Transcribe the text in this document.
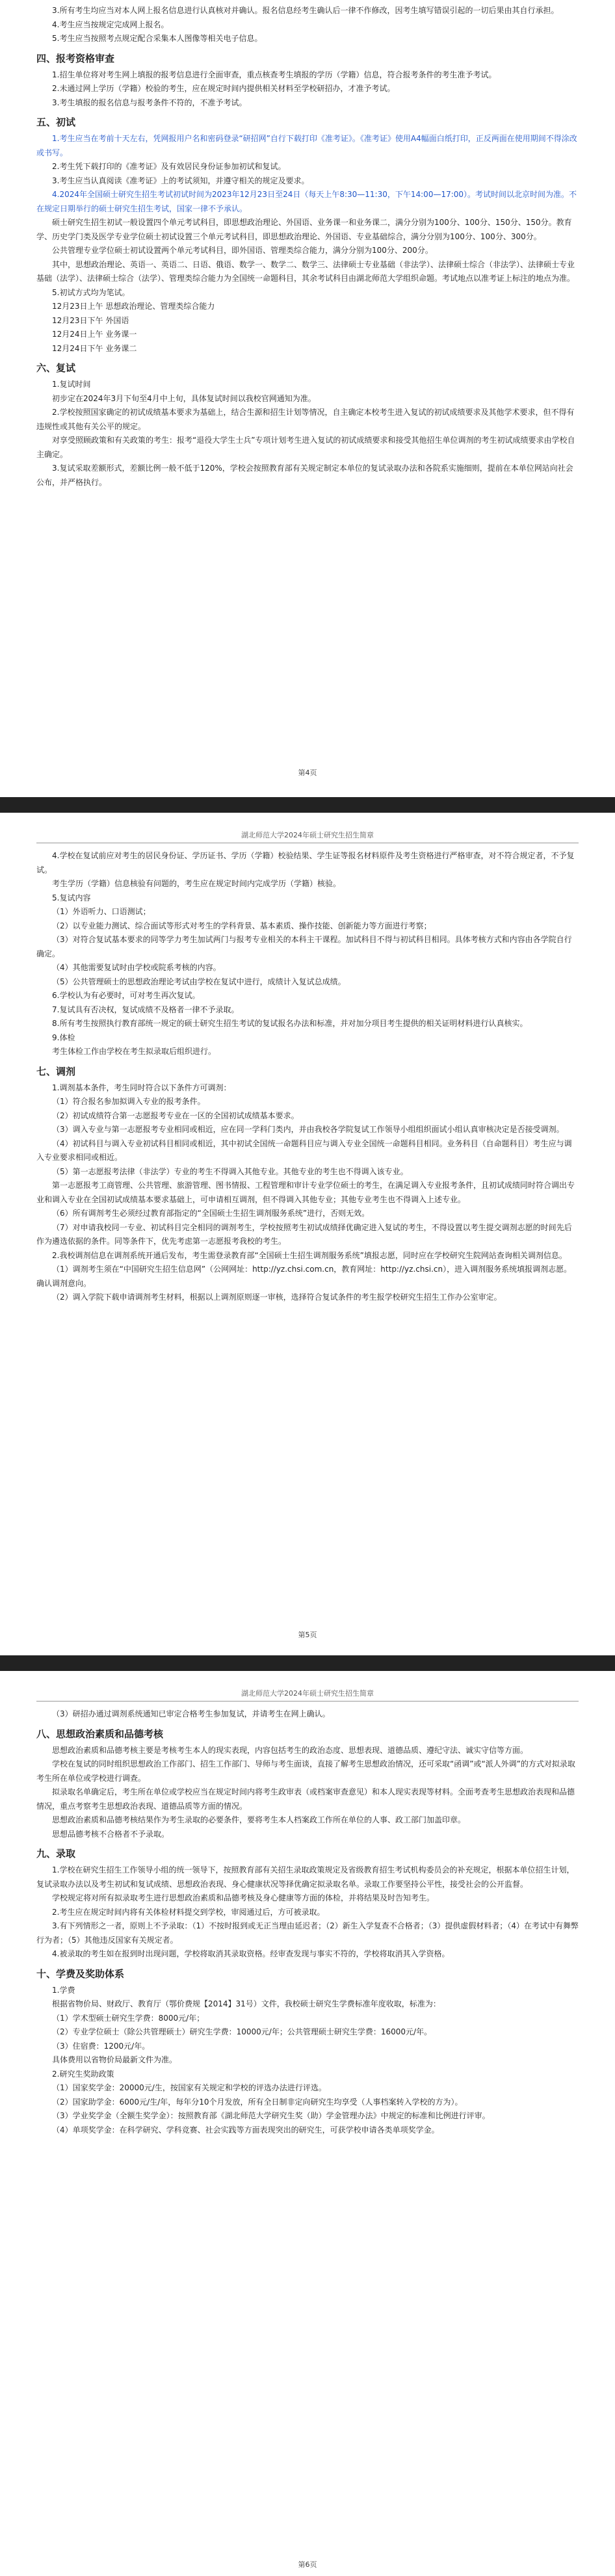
3.所有考生均应当对本人网上报名信息进行认真核对并确认。报名信息经考生确认后一律不作修改，因考生填写错误引起的一切后果由其自行承担。

4.考生应当按规定完成网上报名。

5.考生应当按照考点规定配合采集本人图像等相关电子信息。

四、报考资格审查

1.招生单位将对考生网上填报的报考信息进行全面审查，重点核查考生填报的学历（学籍）信息，符合报考条件的考生准予考试。

2.未通过网上学历（学籍）校验的考生，应在规定时间内提供相关材料至学校研招办，才准予考试。

3.考生填报的报名信息与报考条件不符的，不准予考试。

五、初试

1.考生应当在考前十天左右，凭网报用户名和密码登录“研招网”自行下载打印《准考证》。《准考证》使用A4幅面白纸打印，正反两面在使用期间不得涂改或书写。

2.考生凭下载打印的《准考证》及有效居民身份证参加初试和复试。

3.考生应当认真阅读《准考证》上的考试须知，并遵守相关的规定及要求。

4.2024年全国硕士研究生招生考试初试时间为2023年12月23日至24日（每天上午8:30—11:30，下午14:00—17:00）。考试时间以北京时间为准。不在规定日期举行的硕士研究生招生考试，国家一律不予承认。

硕士研究生招生初试一般设置四个单元考试科目，即思想政治理论、外国语、业务课一和业务课二，满分分别为100分、100分、150分、150分。教育学、历史学门类及医学专业学位硕士初试设置三个单元考试科目，即思想政治理论、外国语、专业基础综合，满分分别为100分、100分、300分。

公共管理专业学位硕士初试设置两个单元考试科目，即外国语、管理类综合能力，满分分别为100分、200分。

其中，思想政治理论、英语一、英语二、日语、俄语、数学一、数学二、数学三、法律硕士专业基础（非法学）、法律硕士综合（非法学）、法律硕士专业基础（法学）、法律硕士综合（法学）、管理类综合能力为全国统一命题科目，其余考试科目由湖北师范大学组织命题。考试地点以准考证上标注的地点为准。

5.初试方式均为笔试。

12月23日上午 思想政治理论、管理类综合能力

12月23日下午 外国语

12月24日上午 业务课一

12月24日下午 业务课二

六、复试

1.复试时间

初步定在2024年3月下旬至4月中上旬，具体复试时间以我校官网通知为准。

2.学校按照国家确定的初试成绩基本要求为基础上，结合生源和招生计划等情况，自主确定本校考生进入复试的初试成绩要求及其他学术要求，但不得有违规性或其他有关公平的规定。

对享受照顾政策和有关政策的考生：报考“退役大学生士兵”专项计划考生进入复试的初试成绩要求和接受其他招生单位调剂的考生初试成绩要求由学校自主确定。

3.复试采取差额形式，差额比例一般不低于120%，学校会按照教育部有关规定制定本单位的复试录取办法和各院系实施细则，提前在本单位网站向社会公布，并严格执行。

第4页
湖北师范大学2024年硕士研究生招生简章

4.学校在复试前应对考生的居民身份证、学历证书、学历（学籍）校验结果、学生证等报名材料原件及考生资格进行严格审查，对不符合规定者，不予复试。

考生学历（学籍）信息核验有问题的，考生应在规定时间内完成学历（学籍）核验。

5.复试内容

（1）外语听力、口语测试；

（2）以专业能力测试、综合面试等形式对考生的学科背景、基本素质、操作技能、创新能力等方面进行考察；

（3）对符合复试基本要求的同等学力考生加试两门与报考专业相关的本科主干课程。加试科目不得与初试科目相同。具体考核方式和内容由各学院自行确定。

（4）其他需要复试时由学校或院系考核的内容。

（5）公共管理硕士的思想政治理论考试由学校在复试中进行，成绩计入复试总成绩。

6.学校认为有必要时，可对考生再次复试。

7.复试具有否决权，复试成绩不及格者一律不予录取。

8.所有考生按照执行教育部统一规定的硕士研究生招生考试的复试报名办法和标准，并对加分项目考生提供的相关证明材料进行认真核实。

9.体检

考生体检工作由学校在考生拟录取后组织进行。

七、调剂

1.调剂基本条件，考生同时符合以下条件方可调剂：

（1）符合报名参加拟调入专业的报考条件。

（2）初试成绩符合第一志愿报考专业在一区的全国初试成绩基本要求。

（3）调入专业与第一志愿报考专业相同或相近，应在同一学科门类内，并由我校各学院复试工作领导小组组织面试小组认真审核决定是否接受调剂。

（4）初试科目与调入专业初试科目相同或相近，其中初试全国统一命题科目应与调入专业全国统一命题科目相同。业务科目（自命题科目）考生应与调入专业要求相同或相近。

（5）第一志愿报考法律（非法学）专业的考生不得调入其他专业。其他专业的考生也不得调入该专业。

第一志愿报考工商管理、公共管理、旅游管理、图书情报、工程管理和审计专业学位硕士的考生，在满足调入专业报考条件，且初试成绩同时符合调出专业和调入专业在全国初试成绩基本要求基础上，可申请相互调剂，但不得调入其他专业；其他专业考生也不得调入上述专业。

（6）所有调剂考生必须经过教育部指定的“全国硕士生招生调剂服务系统”进行，否则无效。

（7）对申请我校同一专业、初试科目完全相同的调剂考生，学校按照考生初试成绩择优确定进入复试的考生，不得设置以考生提交调剂志愿的时间先后作为遴选依据的条件。同等条件下，优先考虑第一志愿报考我校的考生。

2.我校调剂信息在调剂系统开通后发布，考生需登录教育部“全国硕士生招生调剂服务系统”填报志愿，同时应在学校研究生院网站查询相关调剂信息。

（1）调剂考生须在“中国研究生招生信息网”（公网网址：http://yz.chsi.com.cn，教育网址：http://yz.chsi.cn），进入调剂服务系统填报调剂志愿。确认调剂意向。

（2）调入学院下载申请调剂考生材料，根据以上调剂原则逐一审核，选择符合复试条件的考生报学校研究生招生工作办公室审定。

第5页
湖北师范大学2024年硕士研究生招生简章

（3）研招办通过调剂系统通知已审定合格考生参加复试，并请考生在网上确认。

八、思想政治素质和品德考核

思想政治素质和品德考核主要是考核考生本人的现实表现，内容包括考生的政治态度、思想表现、道德品质、遵纪守法、诚实守信等方面。

学校在复试的同时组织思想政治工作部门、招生工作部门、导师与考生面谈，直接了解考生思想政治情况，还可采取“函调”或“派人外调”的方式对拟录取考生所在单位或学校进行调查。

拟录取名单确定后，考生所在单位或学校应当在规定时间内将考生政审表（或档案审查意见）和本人现实表现等材料。全面考查考生思想政治表现和品德情况，重点考察考生思想政治表现、道德品质等方面的情况。

思想政治素质和品德考核结果作为考生录取的必要条件，要将考生本人档案政工作所在单位的人事、政工部门加盖印章。

思想品德考核不合格者不予录取。

九、录取

1.学校在研究生招生工作领导小组的统一领导下，按照教育部有关招生录取政策规定及省级教育招生考试机构委员会的补充规定，根据本单位招生计划，复试录取办法以及考生初试和复试成绩、思想政治表现、身心健康状况等择优确定拟录取名单。录取工作要坚持公平性，接受社会的公开监督。

学校规定将对所有拟录取考生进行思想政治素质和品德考核及身心健康等方面的体检，并将结果及时告知考生。

2.考生应在规定时间内将有关体检材料提交到学校，审阅通过后，方可被录取。

3.有下列情形之一者，原则上不予录取：（1）不按时报到或无正当理由延迟者；（2）新生入学复查不合格者；（3）提供虚假材料者；（4）在考试中有舞弊行为者；（5）其他违反国家有关规定者。

4.被录取的考生如在报到时出现问题，学校将取消其录取资格。经审查发现与事实不符的，学校将取消其入学资格。

十、学费及奖助体系

1.学费

根据省物价局、财政厅、教育厅（鄂价费规【2014】31号）文件，我校硕士研究生学费标准年度收取，标准为：

（1）学术型硕士研究生学费：8000元/年；

（2）专业学位硕士（除公共管理硕士）研究生学费：10000元/年；公共管理硕士研究生学费：16000元/年。

（3）住宿费：1200元/年。

具体费用以省物价局最新文件为准。

2.研究生奖助政策

（1）国家奖学金：20000元/生，按国家有关规定和学校的评选办法进行评选。

（2）国家助学金：6000元/生/年，每年分10个月发放，所有全日制非定向研究生均享受（人事档案转入学校的方为）。

（3）学业奖学金（全额生奖学金）：按照教育部《湖北师范大学研究生奖（助）学金管理办法》中规定的标准和比例进行评审。

（4）单项奖学金：在科学研究、学科竞赛、社会实践等方面表现突出的研究生，可获学校申请各类单项奖学金。

第6页
